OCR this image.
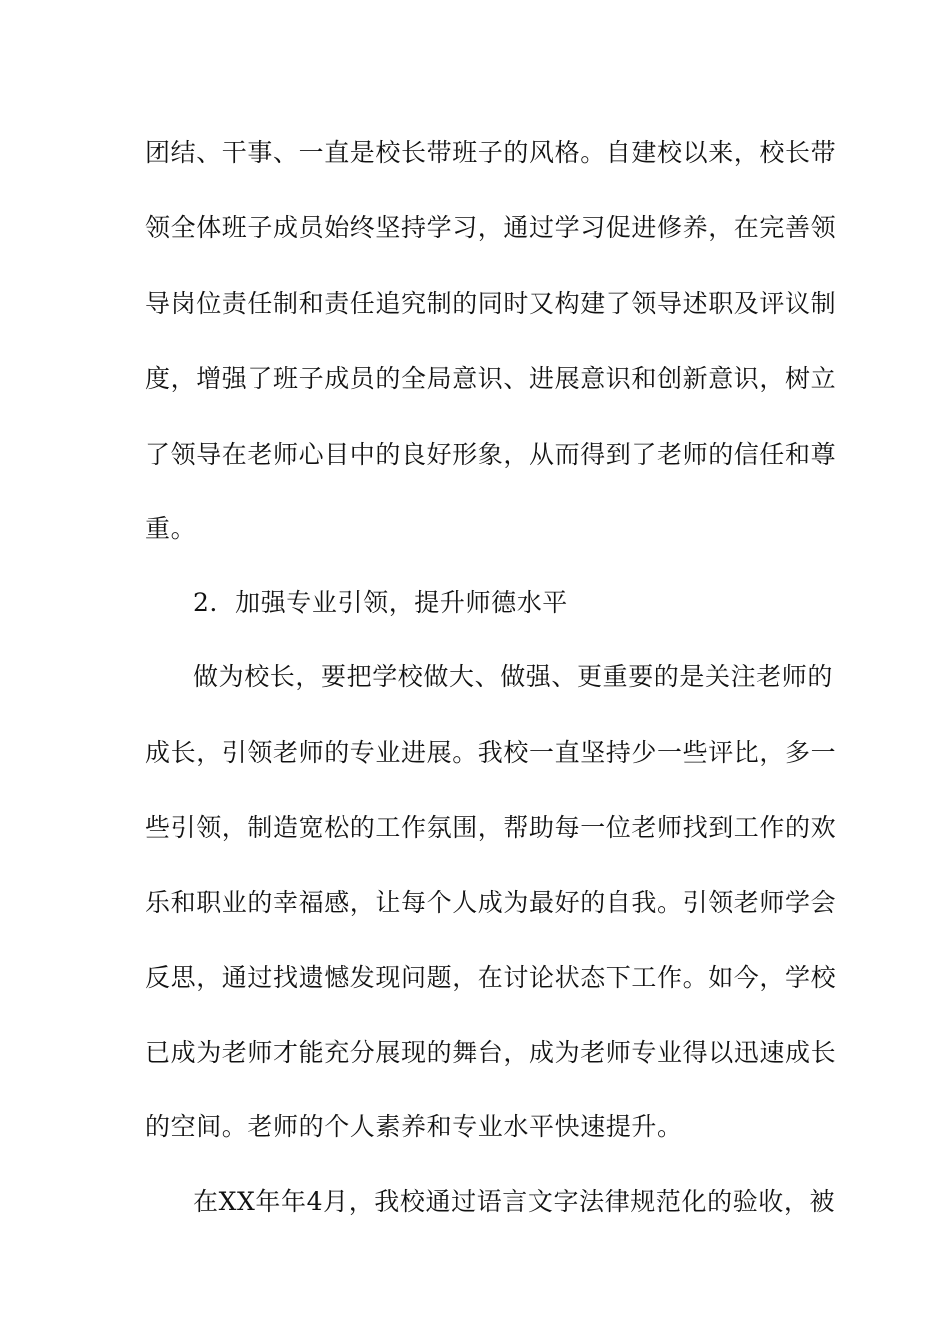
团结、干事、一直是校长带班子的风格。自建校以来，校长带
领全体班子成员始终坚持学习，通过学习促进修养，在完善领
导岗位责任制和责任追究制的同时又构建了领导述职及评议制
度，增强了班子成员的全局意识、进展意识和创新意识，树立
了领导在老师心目中的良好形象，从而得到了老师的信任和尊
重。
2．加强专业引领，提升师德水平
做为校长，要把学校做大、做强、更重要的是关注老师的
成长，引领老师的专业进展。我校一直坚持少一些评比，多一
些引领，制造宽松的工作氛围，帮助每一位老师找到工作的欢
乐和职业的幸福感，让每个人成为最好的自我。引领老师学会
反思，通过找遗憾发现问题，在讨论状态下工作。如今，学校
已成为老师才能充分展现的舞台，成为老师专业得以迅速成长
的空间。老师的个人素养和专业水平快速提升。
在XX年年4月，我校通过语言文字法律规范化的验收，被
